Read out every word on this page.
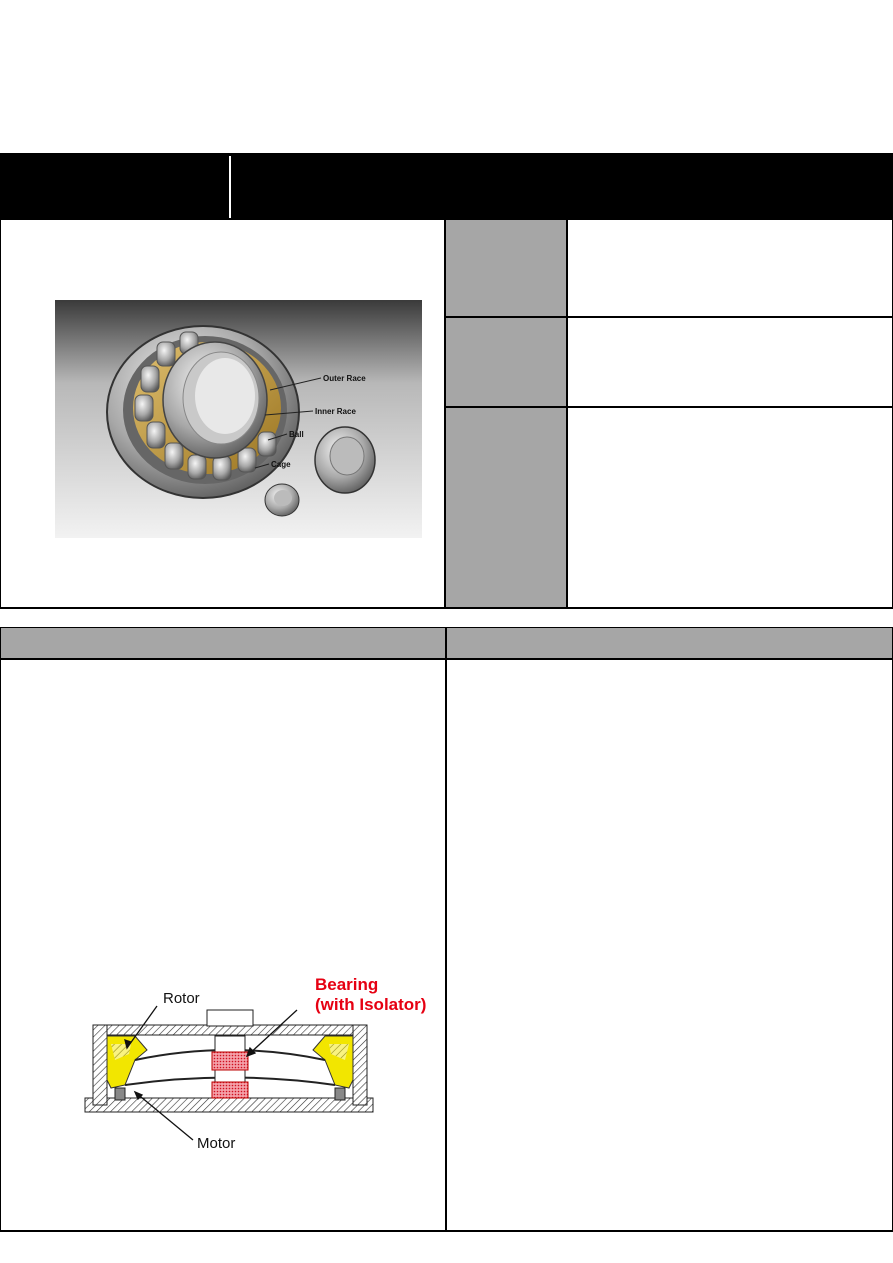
Outer Race
Inner Race
Ball
Cage
Rotor
Bearing
(with Isolator)
Motor
